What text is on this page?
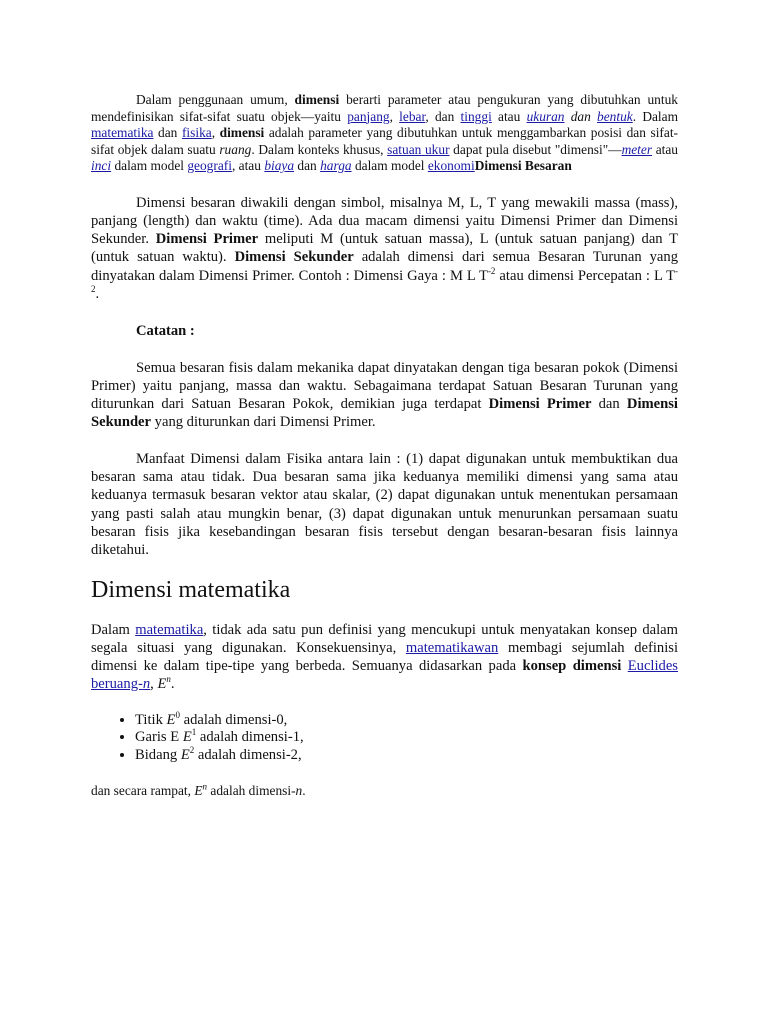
Dalam penggunaan umum, dimensi berarti parameter atau pengukuran yang dibutuhkan untuk mendefinisikan sifat-sifat suatu objek—yaitu panjang, lebar, dan tinggi atau ukuran dan bentuk. Dalam matematika dan fisika, dimensi adalah parameter yang dibutuhkan untuk menggambarkan posisi dan sifat-sifat objek dalam suatu ruang. Dalam konteks khusus, satuan ukur dapat pula disebut "dimensi"—meter atau inci dalam model geografi, atau biaya dan harga dalam model ekonomiDimensi Besaran

Dimensi besaran diwakili dengan simbol, misalnya M, L, T yang mewakili massa (mass), panjang (length) dan waktu (time). Ada dua macam dimensi yaitu Dimensi Primer dan Dimensi Sekunder. Dimensi Primer meliputi M (untuk satuan massa), L (untuk satuan panjang) dan T (untuk satuan waktu). Dimensi Sekunder adalah dimensi dari semua Besaran Turunan yang dinyatakan dalam Dimensi Primer. Contoh : Dimensi Gaya : M L $T^{-2}$ atau dimensi Percepatan : L $T^{-2}$.

Catatan :

Semua besaran fisis dalam mekanika dapat dinyatakan dengan tiga besaran pokok (Dimensi Primer) yaitu panjang, massa dan waktu. Sebagaimana terdapat Satuan Besaran Turunan yang diturunkan dari Satuan Besaran Pokok, demikian juga terdapat Dimensi Primer dan Dimensi Sekunder yang diturunkan dari Dimensi Primer.

Manfaat Dimensi dalam Fisika antara lain : (1) dapat digunakan untuk membuktikan dua besaran sama atau tidak. Dua besaran sama jika keduanya memiliki dimensi yang sama atau keduanya termasuk besaran vektor atau skalar, (2) dapat digunakan untuk menentukan persamaan yang pasti salah atau mungkin benar, (3) dapat digunakan untuk menurunkan persamaan suatu besaran fisis jika kesebandingan besaran fisis tersebut dengan besaran-besaran fisis lainnya diketahui.

Dimensi matematika

Dalam matematika, tidak ada satu pun definisi yang mencukupi untuk menyatakan konsep dalam segala situasi yang digunakan. Konsekuensinya, matematikawan membagi sejumlah definisi dimensi ke dalam tipe-tipe yang berbeda. Semuanya didasarkan pada konsep dimensi Euclides beruang-n, $E^n$.

• Titik $E^0$ adalah dimensi-0,
• Garis E $E^1$ adalah dimensi-1,
• Bidang $E^2$ adalah dimensi-2,

dan secara rampat, $E^n$ adalah dimensi-n.
